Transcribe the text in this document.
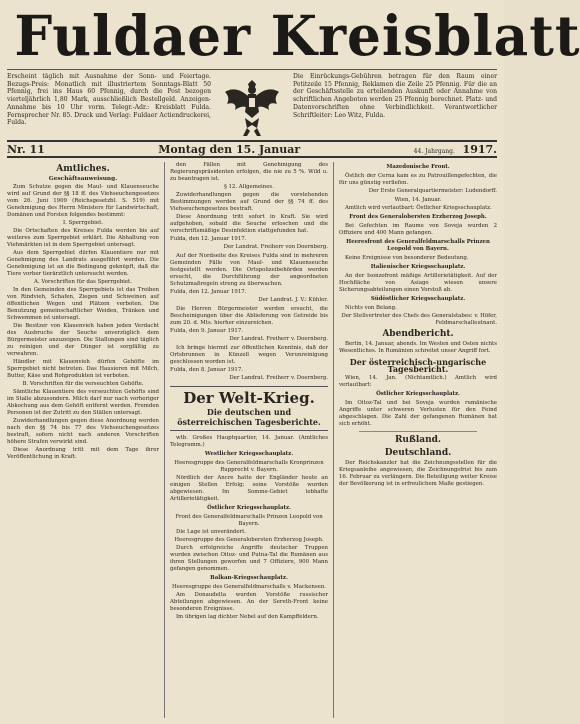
Fuldaer Kreisblatt
Erscheint täglich mit Ausnahme der Sonn- und Feiertage. Bezugs-Preis: Monatlich mit illustriertem Sonntags-Blatt 50 Pfennig, frei ins Haus 60 Pfennig, durch die Post bezogen vierteljährlich 1,80 Mark, ausschließlich Bestellgeld. Anzeigen-Annahme bis 10 Uhr vorm. Telegr.-Adr.: Kreisblatt Fulda. Fernsprecher Nr. 85. Druck und Verlag: Fuldaer Actiendruckerei, Fulda.
Die Einrückungs-Gebühren betragen für den Raum einer Petitzeile 15 Pfennig, Reklamen die Zeile 25 Pfennig. Für die an der Geschäftsstelle zu erteilenden Auskunft oder Annahme von schriftlichen Angeboten werden 25 Pfennig berechnet. Platz- und Datenvorschriften ohne Verbindlichkeit. Verantwortlicher Schriftleiter: Leo Witz, Fulda.
Nr. 11	Montag den 15. Januar	44. Jahrgang. 1917.
Amtliches.
Geschäftsanweisung.

Zum Schutze gegen die Maul- und Klauenseuche wird auf Grund der §§ 18 ff. des Viehseuchengesetzes vom 26. Juni 1909 (Reichsgesetzbl. S. 519) mit Genehmigung des Herrn Ministers für Landwirtschaft, Domänen und Forsten folgendes bestimmt:

I. Sperrgebiet.

Die Ortschaften des Kreises Fulda werden bis auf weiteres zum Sperrgebiet erklärt. Die Abhaltung von Viehmärkten ist in dem Sperrgebiet untersagt.

Aus dem Sperrgebiet dürfen Klauentiere nur mit Genehmigung des Landrats ausgeführt werden. Die Genehmigung ist an die Bedingung geknüpft, daß die Tiere vorher tierärztlich untersucht werden.

A. Vorschriften für das Sperrgebiet.

In den Gemeinden des Sperrgebiets ist das Treiben von Rindvieh, Schafen, Ziegen und Schweinen auf öffentlichen Wegen und Plätzen verboten. Die Benutzung gemeinschaftlicher Weiden, Tränken und Schwemmen ist untersagt.

Die Besitzer von Klauenvieh haben jeden Verdacht des Ausbruchs der Seuche unverzüglich dem Bürgermeister anzuzeigen. Die Stallungen sind täglich zu reinigen und der Dünger ist sorgfältig zu verwahren.

Händler mit Klauenvieh dürfen Gehöfte im Sperrgebiet nicht betreten. Das Hausieren mit Milch, Butter, Käse und Rohprodukten ist verboten.

B. Vorschriften für die verseuchten Gehöfte.

Sämtliche Klauentiere des verseuchten Gehöfts sind im Stalle abzusondern. Milch darf nur nach vorheriger Abkochung aus dem Gehöft entfernt werden. Fremden Personen ist der Zutritt zu den Ställen untersagt.

Zuwiderhandlungen gegen diese Anordnung werden nach den §§ 74 bis 77 des Viehseuchengesetzes bestraft, sofern nicht nach anderen Vorschriften höhere Strafen verwirkt sind.

Diese Anordnung tritt mit dem Tage ihrer Veröffentlichung in Kraft.

den Fällen mit Genehmigung des Regierungspräsidenten erfolgen, die nie zu 5 %. Wild u. zu beantragen ist.

§ 12. Allgemeines.

Zuwiderhandlungen gegen die vorstehenden Bestimmungen werden auf Grund der §§ 74 ff. des Viehseuchengesetzes bestraft.

Diese Anordnung tritt sofort in Kraft. Sie wird aufgehoben, sobald die Seuche erloschen und die vorschriftsmäßige Desinfektion stattgefunden hat.

Fulda, den 12. Januar 1917.
Der Landrat. Freiherr von Doernberg.

Auf der Nordseite des Kreises Fulda sind in mehreren Gemeinden Fälle von Maul- und Klauenseuche festgestellt worden. Die Ortspolizeibehörden werden ersucht, die Durchführung der angeordneten Schutzmaßregeln streng zu überwachen.

Fulda, den 12. Januar 1917.
Der Landrat. J. V.: Kühler.

Die Herren Bürgermeister werden ersucht, die Bescheinigungen über die Ablieferung von Getreide bis zum 20. d. Mts. hierher einzureichen.

Fulda, den 9. Januar 1917.
Der Landrat. Freiherr v. Doernberg.

Ich bringe hiermit zur öffentlichen Kenntnis, daß der Ortsbrunnen in Künzell wegen Verunreinigung geschlossen worden ist.

Fulda, den 8. Januar 1917.
Der Landrat. Freiherr v. Doernberg.
Der Welt-Krieg.
Die deutschen und österreichischen Tagesberichte.

wtb. Großes Hauptquartier, 14. Januar. (Amtliches Telegramm.)

Westlicher Kriegsschauplatz.
Heeresgruppe des Generalfeldmarschalls Kronprinzen Rupprecht v. Bayern.

Nördlich der Ancre hatte der Engländer heute an einigen Stellen Erfolg; seine Vorstöße wurden abgewiesen. Im Somme-Gebiet lebhafte Artillerietätigkeit.

Östlicher Kriegsschauplatz.
Front des Generalfeldmarschalls Prinzen Leopold von Bayern.

Die Lage ist unverändert.

Heeresgruppe des Generalobersten Erzherzog Joseph.

Durch erfolgreiche Angriffe deutscher Truppen wurden zwischen Oitoz- und Putna-Tal die Rumänen aus ihren Stellungen geworfen und 7 Offiziere, 900 Mann gefangen genommen.

Balkan-Kriegsschauplatz.
Heeresgruppe des Generalfeldmarschalls v. Mackensen.

Am Donaudelta wurden Vorstöße russischer Abteilungen abgewiesen. An der Sereth-Front keine besonderen Ereignisse.

Im übrigen lag dichter Nebel auf den Kampffeldern.

Mazedonische Front.

Östlich der Cerna kam es zu Patrouillengefechten, die für uns günstig verliefen.

Der Erste Generalquartiermeister: Ludendorff.
Wien, 14. Januar.

Amtlich wird verlautbart: Östlicher Kriegsschauplatz.

Front des Generalobersten Erzherzog Joseph.

Bei Gefechten im Raume von Soveja wurden 2 Offiziere und 400 Mann gefangen.

Heeresfront des Generalfeldmarschalls Prinzen Leopold von Bayern.

Keine Ereignisse von besonderer Bedeutung.

Italienischer Kriegsschauplatz.

An der Isonzofront mäßige Artillerietätigkeit. Auf der Hochfläche von Asiago wiesen unsere Sicherungsabteilungen einen Vorstoß ab.

Südöstlicher Kriegsschauplatz.

Nichts von Belang.

Der Stellvertreter des Chefs des Generalstabes: v. Höfer, Feldmarschalleutnant.
Abendbericht.

Berlin, 14. Januar, abends. Im Westen und Osten nichts Wesentliches. In Rumänien schreitet unser Angriff fort.

Der österreichisch-ungarische Tagesbericht.

Wien, 14. Jan. (Nichtamtlich.) Amtlich wird verlautbart:

Östlicher Kriegsschauplatz.

Im Oitoz-Tal und bei Soveja wurden rumänische Angriffe unter schweren Verlusten für den Feind abgeschlagen. Die Zahl der gefangenen Rumänen hat sich erhöht.

Rußland.
Deutschland.

Der Reichskanzler hat die Zeichnungsstellen für die Kriegsanleihe angewiesen, die Zeichnungsfrist bis zum 16. Februar zu verlängern. Die Beteiligung weiter Kreise der Bevölkerung ist in erfreulichem Maße gestiegen.
